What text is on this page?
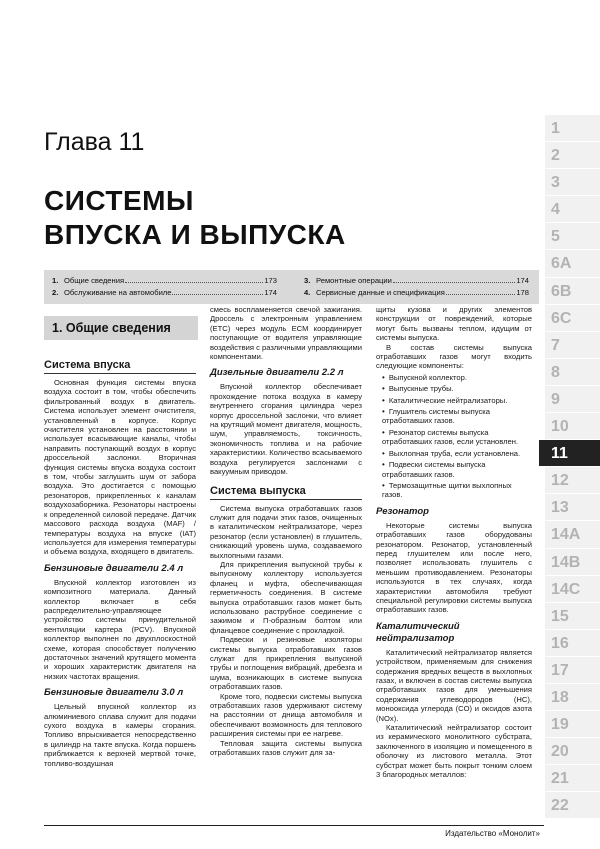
Глава 11
СИСТЕМЫ
ВПУСКА И ВЫПУСКА
1. Общие сведения	173
2. Обслуживание на автомобиле	174
3. Ремонтные операции	174
4. Сервисные данные и спецификация	178
1. Общие сведения
Система впуска

Основная функция системы впуска воздуха состоит в том, чтобы обеспечить фильтрованный воздух в двигатель. Система использует элемент очистителя, установленный в корпусе. Корпус очистителя установлен на расстоянии и использует всасывающие каналы, чтобы направить поступающий воздух в корпус дроссельной заслонки. Вторичная функция системы впуска воздуха состоит в том, чтобы заглушить шум от забора воздуха. Это достигается с помощью резонаторов, прикрепленных к каналам воздухозаборника. Резонаторы настроены к определенной силовой передаче. Датчик массового расхода воздуха (MAF) / температуры воздуха на впуске (IAT) используется для измерения температуры и объема воздуха, входящего в двигатель.

Бензиновые двигатели 2.4 л

Впускной коллектор изготовлен из композитного материала. Данный коллектор включает в себя распределительно-управляющее устройство системы принудительной вентиляции картера (PCV). Впускной коллектор выполнен по двухплоскостной схеме, которая способствует получению достаточных значений крутящего момента и хороших характеристик двигателя на низких частотах вращения.

Бензиновые двигатели 3.0 л

Цельный впускной коллектор из алюминиевого сплава служит для подачи сухого воздуха в камеры сгорания. Топливо впрыскивается непосредственно в цилиндр на такте впуска. Когда поршень приближается к верхней мертвой точке, топливо-воздушная

смесь воспламеняется свечой зажигания. Дроссель с электронным управлением (ETC) через модуль ECM координирует поступающие от водителя управляющие воздействия с различными управляющими компонентами.

Дизельные двигатели 2.2 л

Впускной коллектор обеспечивает прохождение потока воздуха в камеру внутреннего сгорания цилиндра через корпус дроссельной заслонки, что влияет на крутящий момент двигателя, мощность, шум, управляемость, токсичность, экономичность топлива и на рабочие характеристики. Количество всасываемого воздуха регулируется заслонками с вакуумным приводом.

Система выпуска

Система выпуска отработавших газов служит для подачи этих газов, очищенных в каталитическом нейтрализаторе, через резонатор (если установлен) в глушитель, снижающий уровень шума, создаваемого выхлопными газами.

Для прикрепления выпускной трубы к выпускному коллектору используется фланец и муфта, обеспечивающая герметичность соединения. В системе выпуска отработавших газов может быть использовано раструбное соединение с зажимом и П-образным болтом или фланцевое соединение с прокладкой.

Подвески и резиновые изоляторы системы выпуска отработавших газов служат для прикрепления выпускной трубы и поглощения вибраций, дребезга и шума, возникающих в системе выпуска отработавших газов.

Кроме того, подвески системы выпуска отработавших газов удерживают систему на расстоянии от днища автомобиля и обеспечивают возможность для теплового расширения системы при ее нагреве.

Тепловая защита системы выпуска отработавших газов служит для за-

щиты кузова и других элементов конструкции от повреждений, которые могут быть вызваны теплом, идущим от системы выпуска.

В состав системы выпуска отработавших газов могут входить следующие компоненты:

• Выпускной коллектор.
• Выпускные трубы.
• Каталитические нейтрализаторы.
• Глушитель системы выпуска отработавших газов.
• Резонатор системы выпуска отработавших газов, если установлен.
• Выхлопная труба, если установлена.
• Подвески системы выпуска отработавших газов.
• Термозащитные щитки выхлопных газов.
Резонатор

Некоторые системы выпуска отработавших газов оборудованы резонатором. Резонатор, установленный перед глушителем или после него, позволяет использовать глушитель с меньшим противодавлением. Резонаторы используются в тех случаях, когда характеристики автомобиля требуют специальной регулировки системы выпуска отработавших газов.

Каталитический нейтрализатор

Каталитический нейтрализатор является устройством, применяемым для снижения содержания вредных веществ в выхлопных газах, и включен в состав системы выпуска отработавших газов для уменьшения содержания углеводородов (HC), монооксида углерода (CO) и оксидов азота (NOx).

Каталитический нейтрализатор состоит из керамического монолитного субстрата, заключенного в изоляцию и помещенного в оболочку из листового металла. Этот субстрат может быть покрыт тонким слоем 3 благородных металлов:

1
2
3
4
5
6A
6B
6C
7
8
9
10
11
12
13
14A
14B
14C
15
16
17
18
19
20
21
22
Издательство «Монолит»
